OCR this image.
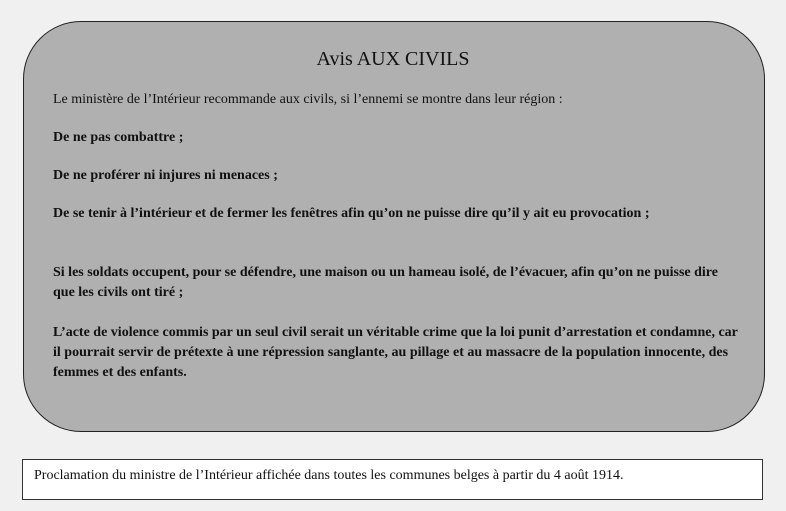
Avis AUX CIVILS

Le ministère de l’Intérieur recommande aux civils, si l’ennemi se montre dans leur région :

De ne pas combattre ;

De ne proférer ni injures ni menaces ;

De se tenir à l’intérieur et de fermer les fenêtres afin qu’on ne puisse dire qu’il y ait eu provocation ;

Si les soldats occupent, pour se défendre, une maison ou un hameau isolé, de l’évacuer, afin qu’on ne puisse dire que les civils ont tiré ;

L’acte de violence commis par un seul civil serait un véritable crime que la loi punit d’arrestation et condamne, car il pourrait servir de prétexte à une répression sanglante, au pillage et au massacre de la population innocente, des femmes et des enfants.

Proclamation du ministre de l’Intérieur affichée dans toutes les communes belges à partir du 4 août 1914.
